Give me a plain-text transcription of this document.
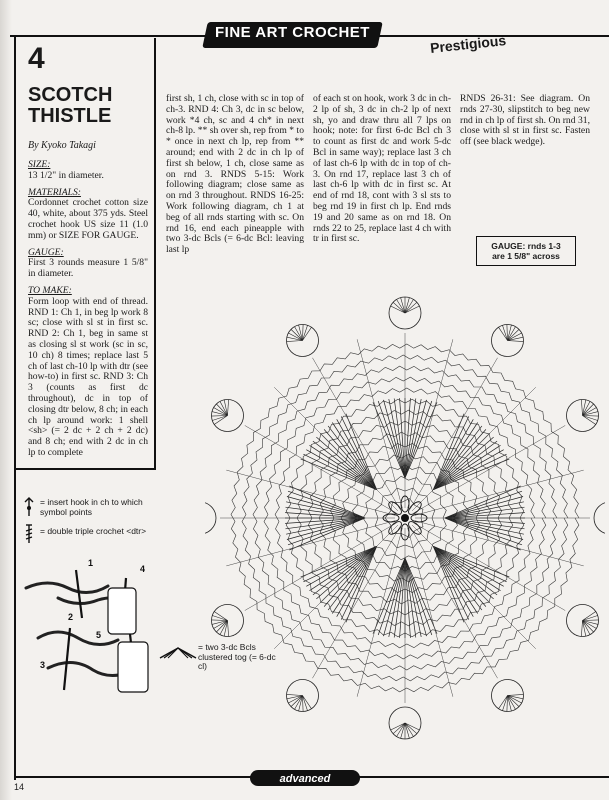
FINE ART CROCHET	Prestigious
4
SCOTCH THISTLE
By Kyoko Takagi
SIZE:

13 1/2" in diameter.

MATERIALS:

Cordonnet crochet cotton size 40, white, about 375 yds. Steel crochet hook US size 11 (1.0 mm) or SIZE FOR GAUGE.

GAUGE:

First 3 rounds measure 1 5/8" in diameter.

TO MAKE:

Form loop with end of thread. RND 1: Ch 1, in beg lp work 8 sc; close with sl st in first sc. RND 2: Ch 1, beg in same st as closing sl st work (sc in sc, 10 ch) 8 times; replace last 5 ch of last ch-10 lp with dtr (see how-to) in first sc. RND 3: Ch 3 (counts as first dc throughout), dc in top of closing dtr below, 8 ch; in each ch lp around work: 1 shell <sh> (= 2 dc + 2 ch + 2 dc) and 8 ch; end with 2 dc in ch lp to complete

first sh, 1 ch, close with sc in top of ch-3. RND 4: Ch 3, dc in sc below, work *4 ch, sc and 4 ch* in next ch-8 lp. ** sh over sh, rep from * to * once in next ch lp, rep from ** around; end with 2 dc in ch lp of first sh below, 1 ch, close same as on rnd 3. RNDS 5-15: Work following diagram; close same as on rnd 3 throughout. RNDS 16-25: Work following diagram, ch 1 at beg of all rnds starting with sc. On rnd 16, end each pineapple with two 3-dc Bcls (= 6-dc Bcl: leaving last lp

of each st on hook, work 3 dc in ch-2 lp of sh, 3 dc in ch-2 lp of next sh, yo and draw thru all 7 lps on hook; note: for first 6-dc Bcl ch 3 to count as first dc and work 5-dc Bcl in same way); replace last 3 ch of last ch-6 lp with dc in top of ch-3. On rnd 17, replace last 3 ch of last ch-6 lp with dc in first sc. At end of rnd 18, cont with 3 sl sts to beg rnd 19 in first ch lp. End rnds 19 and 20 same as on rnd 18. On rnds 22 to 25, replace last 4 ch with tr in first sc.

RNDS 26-31: See diagram. On rnds 27-30, slipstitch to beg new rnd in ch lp of first sh. On rnd 31, close with sl st in first sc. Fasten off (see black wedge).

GAUGE: rnds 1-3
are 1 5/8" across
= insert hook in ch to which symbol points
= double triple crochet <dtr>
1
2
3
4
5
= two 3-dc Bcls clustered tog (= 6-dc cl)
advanced
14
